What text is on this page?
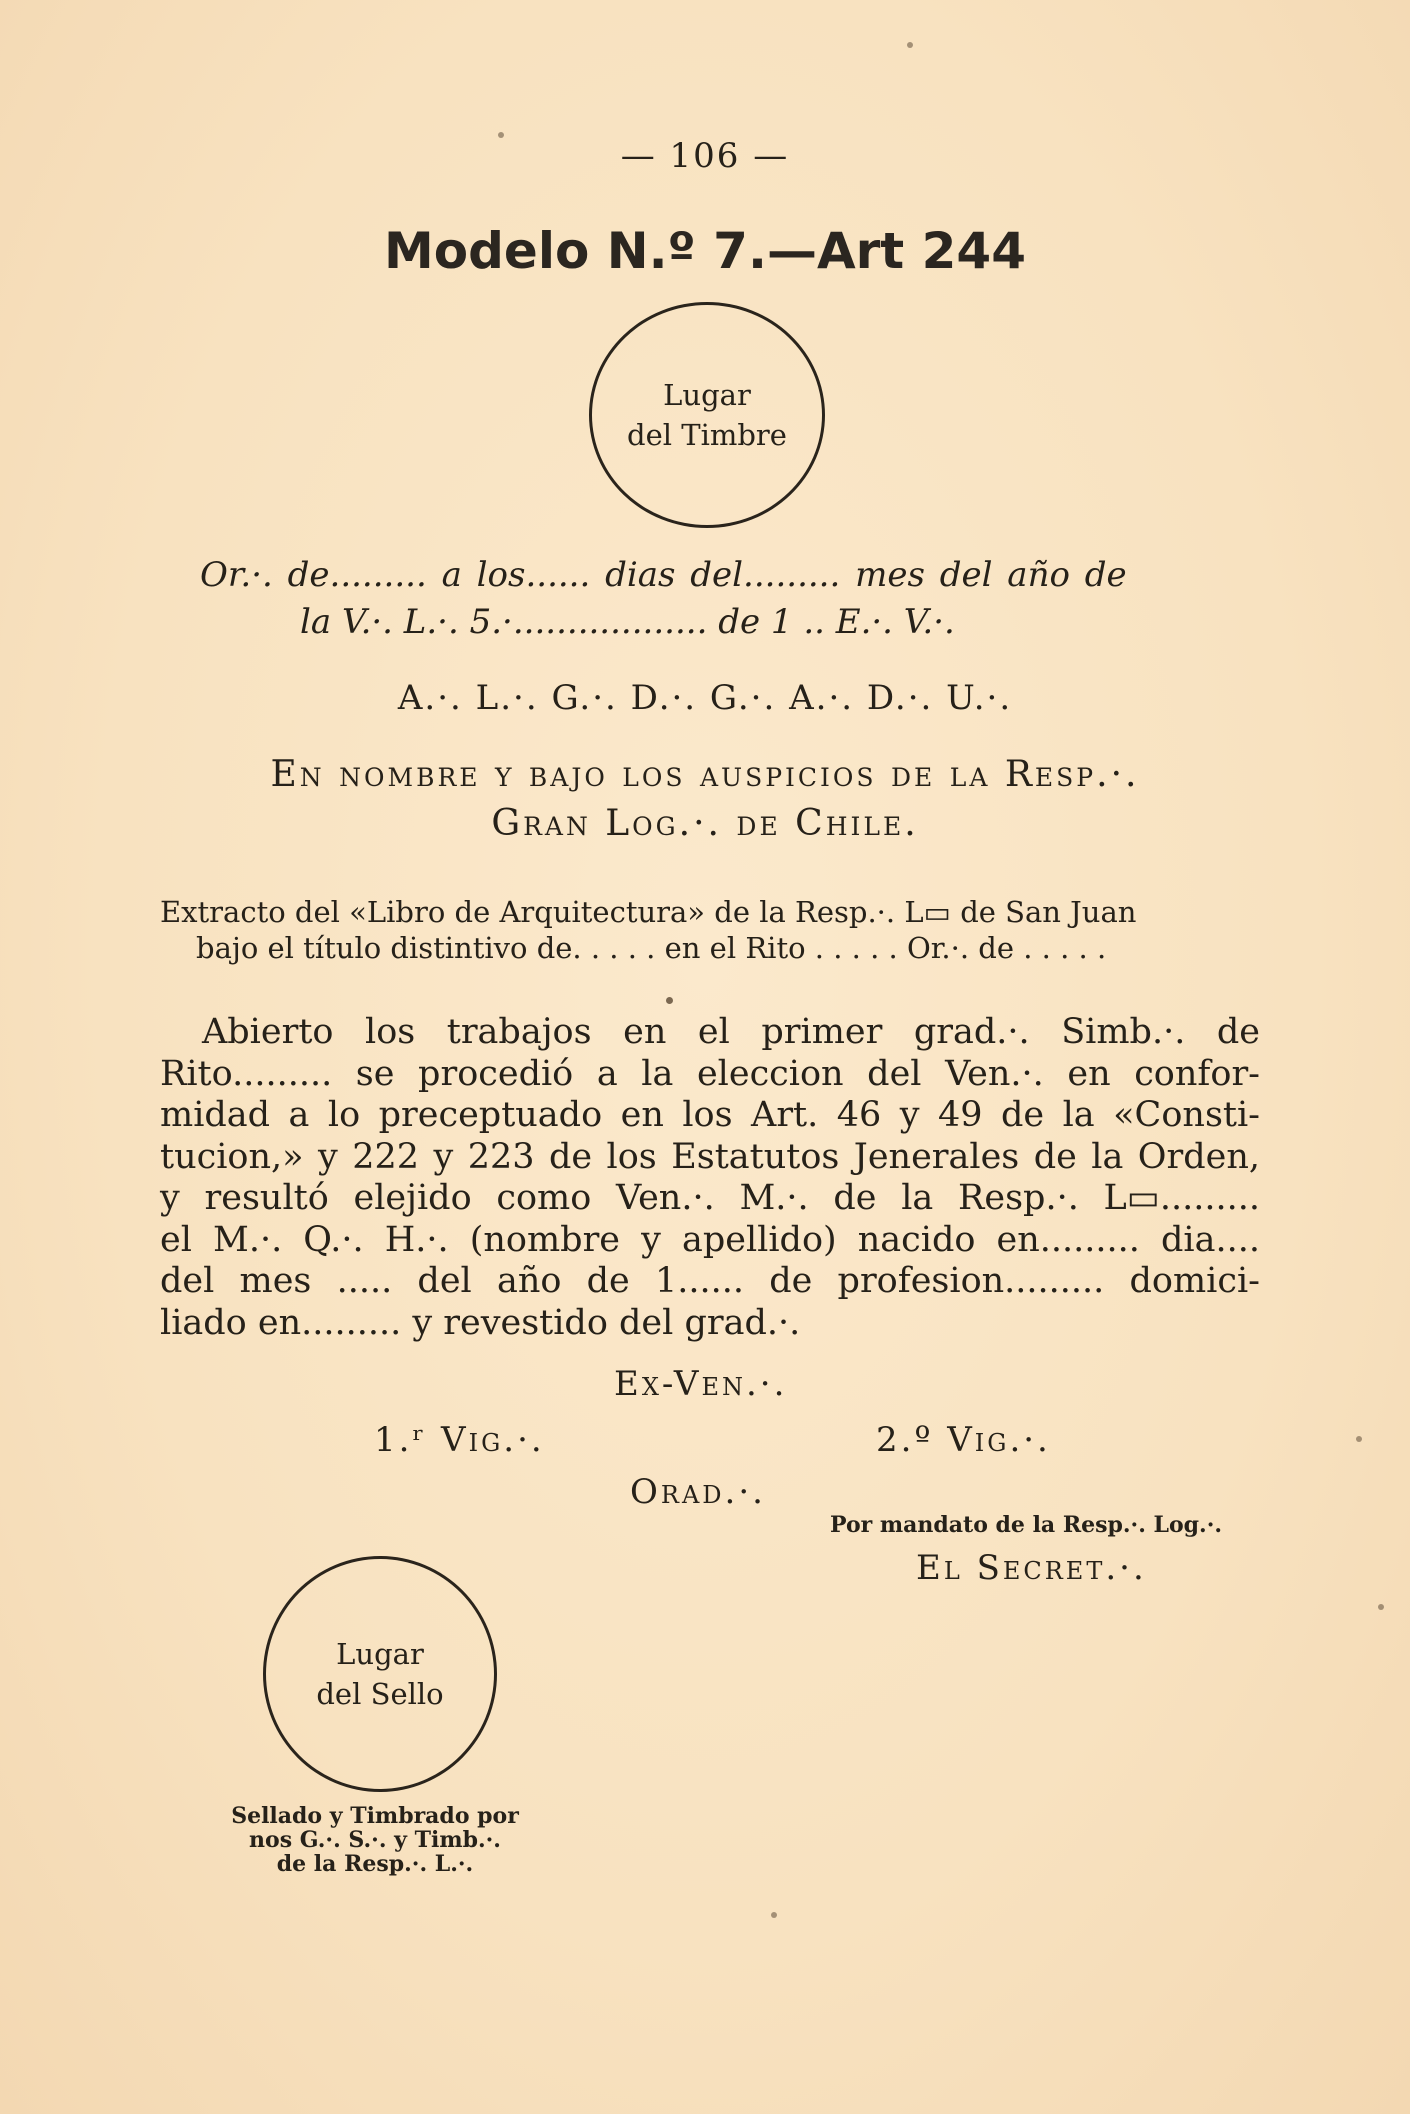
— 106 —
Modelo N.º 7.—Art 244
Lugar
del Timbre
Or.·. de......... a los...... dias del......... mes del año de
la V.·. L.·. 5.·.................. de 1 .. E.·. V.·.
A.·. L.·. G.·. D.·. G.·. A.·. D.·. U.·.
En nombre y bajo los auspicios de la Resp.·.
Gran Log.·. de Chile.
Extracto del «Libro de Arquitectura» de la Resp.·. L▭ de San Juan
bajo el título distintivo de. . . . . en el Rito . . . . . Or.·. de . . . . .
Abierto los trabajos en el primer grad.·. Simb.·. de
Rito......... se procedió a la eleccion del Ven.·. en confor-
midad a lo preceptuado en los Art. 46 y 49 de la «Consti-
tucion,» y 222 y 223 de los Estatutos Jenerales de la Orden,
y resultó elejido como Ven.·. M.·. de la Resp.·. L▭.........
el M.·. Q.·. H.·. (nombre y apellido) nacido en......... dia....
del mes ..... del año de 1...... de profesion......... domici-
liado en......... y revestido del grad.·.
Ex-Ven.·.
1.ʳ Vig.·.	2.º Vig.·.
Orad.·.
Por mandato de la Resp.·. Log.·.
El Secret.·.
Lugar
del Sello
Sellado y Timbrado por
nos G.·. S.·. y Timb.·.
de la Resp.·. L.·.
